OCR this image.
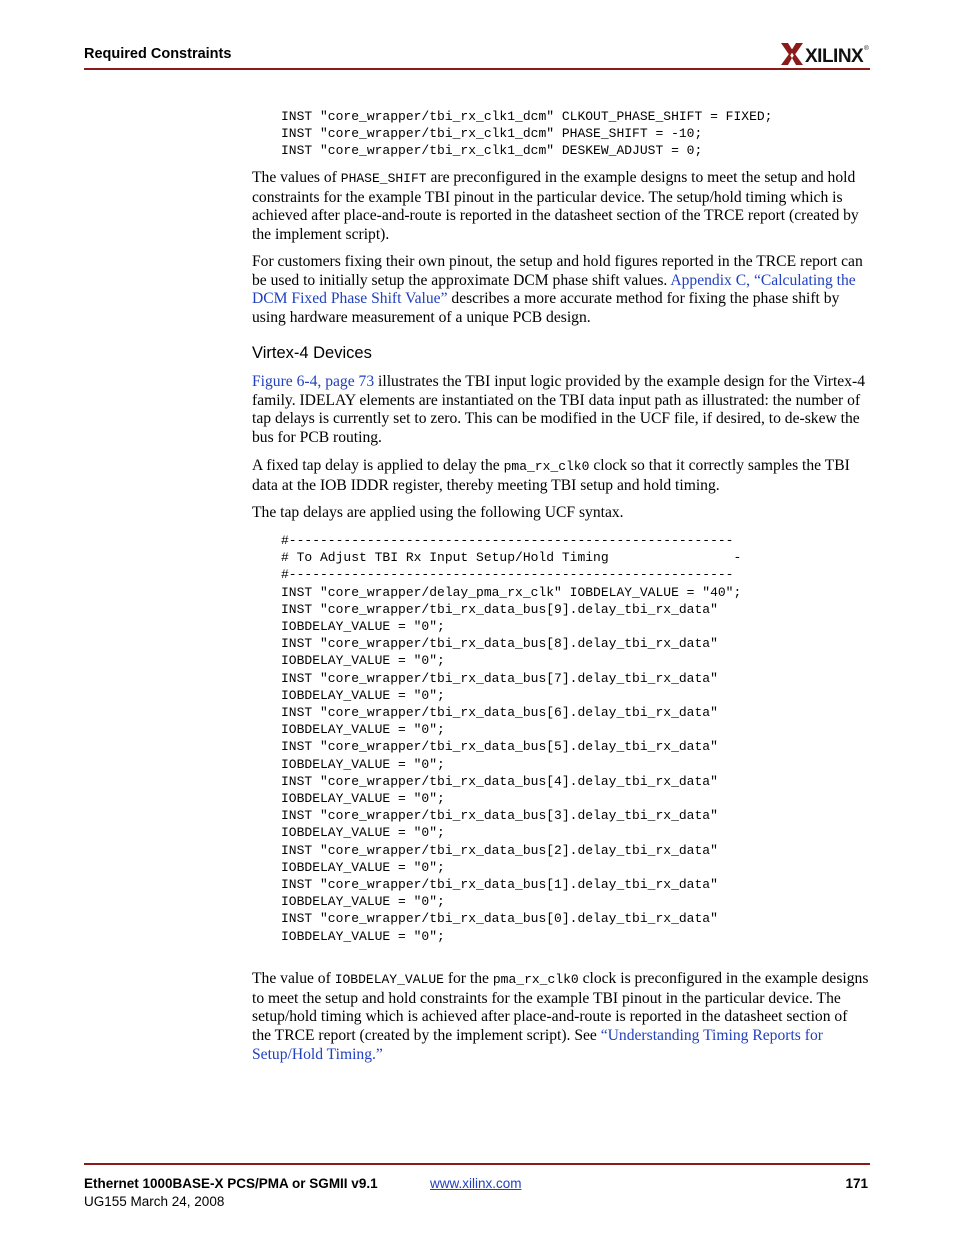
Required Constraints	XILINX ®
INST "core_wrapper/tbi_rx_clk1_dcm" CLKOUT_PHASE_SHIFT = FIXED;
INST "core_wrapper/tbi_rx_clk1_dcm" PHASE_SHIFT = -10;
INST "core_wrapper/tbi_rx_clk1_dcm" DESKEW_ADJUST = 0;

The values of PHASE_SHIFT are preconfigured in the example designs to meet the setup and hold constraints for the example TBI pinout in the particular device. The setup/hold timing which is achieved after place-and-route is reported in the datasheet section of the TRCE report (created by the implement script).

For customers fixing their own pinout, the setup and hold figures reported in the TRCE report can be used to initially setup the approximate DCM phase shift values. Appendix C, “Calculating the DCM Fixed Phase Shift Value” describes a more accurate method for fixing the phase shift by using hardware measurement of a unique PCB design.

Virtex-4 Devices

Figure 6-4, page 73 illustrates the TBI input logic provided by the example design for the Virtex-4 family. IDELAY elements are instantiated on the TBI data input path as illustrated: the number of tap delays is currently set to zero. This can be modified in the UCF file, if desired, to de-skew the bus for PCB routing.

A fixed tap delay is applied to delay the pma_rx_clk0 clock so that it correctly samples the TBI data at the IOB IDDR register, thereby meeting TBI setup and hold timing.

The tap delays are applied using the following UCF syntax.

#---------------------------------------------------------
# To Adjust TBI Rx Input Setup/Hold Timing                -
#---------------------------------------------------------
INST "core_wrapper/delay_pma_rx_clk" IOBDELAY_VALUE = "40";
INST "core_wrapper/tbi_rx_data_bus[9].delay_tbi_rx_data"
IOBDELAY_VALUE = "0";
INST "core_wrapper/tbi_rx_data_bus[8].delay_tbi_rx_data"
IOBDELAY_VALUE = "0";
INST "core_wrapper/tbi_rx_data_bus[7].delay_tbi_rx_data"
IOBDELAY_VALUE = "0";
INST "core_wrapper/tbi_rx_data_bus[6].delay_tbi_rx_data"
IOBDELAY_VALUE = "0";
INST "core_wrapper/tbi_rx_data_bus[5].delay_tbi_rx_data"
IOBDELAY_VALUE = "0";
INST "core_wrapper/tbi_rx_data_bus[4].delay_tbi_rx_data"
IOBDELAY_VALUE = "0";
INST "core_wrapper/tbi_rx_data_bus[3].delay_tbi_rx_data"
IOBDELAY_VALUE = "0";
INST "core_wrapper/tbi_rx_data_bus[2].delay_tbi_rx_data"
IOBDELAY_VALUE = "0";
INST "core_wrapper/tbi_rx_data_bus[1].delay_tbi_rx_data"
IOBDELAY_VALUE = "0";
INST "core_wrapper/tbi_rx_data_bus[0].delay_tbi_rx_data"
IOBDELAY_VALUE = "0";

The value of IOBDELAY_VALUE for the pma_rx_clk0 clock is preconfigured in the example designs to meet the setup and hold constraints for the example TBI pinout in the particular device. The setup/hold timing which is achieved after place-and-route is reported in the datasheet section of the TRCE report (created by the implement script). See “Understanding Timing Reports for Setup/Hold Timing.”

Ethernet 1000BASE-X PCS/PMA or SGMII v9.1
UG155 March 24, 2008
www.xilinx.com	171
